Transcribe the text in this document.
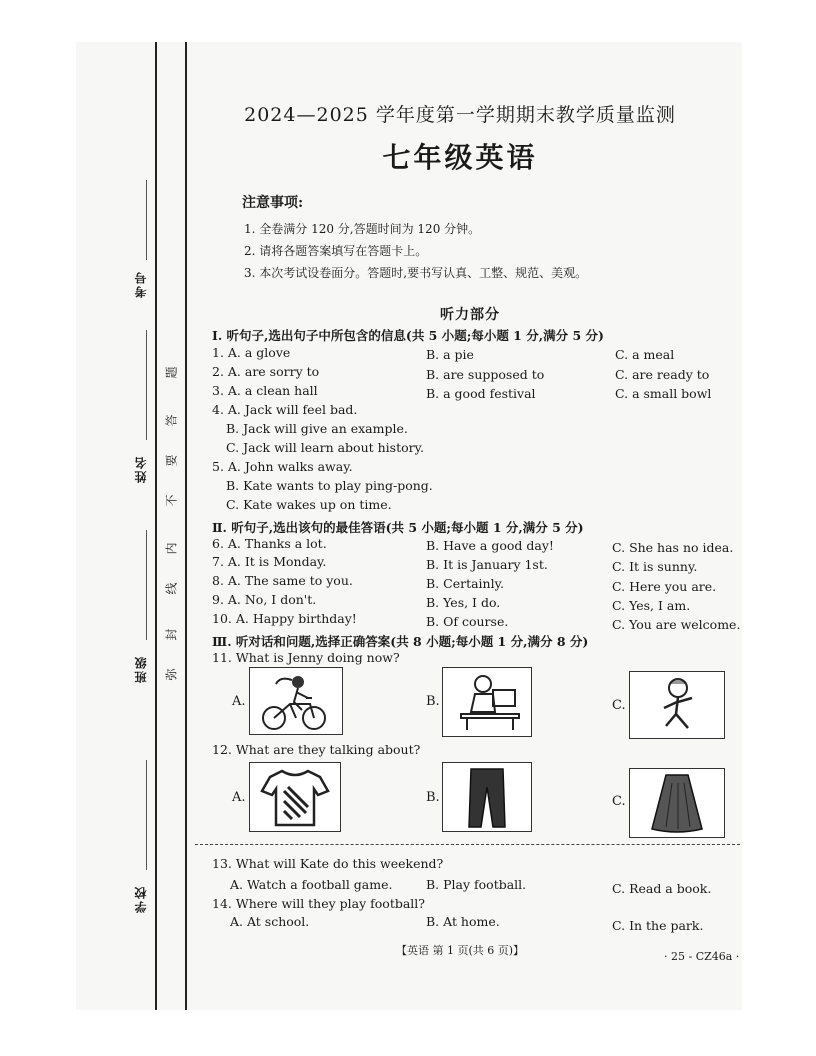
考号
姓名
班级
学校
题
答
要
不
内
线
封
弥
2024—2025 学年度第一学期期末教学质量监测
七年级英语
注意事项:
1. 全卷满分 120 分,答题时间为 120 分钟。
2. 请将各题答案填写在答题卡上。
3. 本次考试设卷面分。答题时,要书写认真、工整、规范、美观。
听力部分
Ⅰ. 听句子,选出句子中所包含的信息(共 5 小题;每小题 1 分,满分 5 分)
1. A. a glove	B. a pie	C. a meal
2. A. are sorry to	B. are supposed to	C. are ready to
3. A. a clean hall	B. a good festival	C. a small bowl
4. A. Jack will feel bad.
B. Jack will give an example.
C. Jack will learn about history.
5. A. John walks away.
B. Kate wants to play ping-pong.
C. Kate wakes up on time.
Ⅱ. 听句子,选出该句的最佳答语(共 5 小题;每小题 1 分,满分 5 分)
6. A. Thanks a lot.	B. Have a good day!	C. She has no idea.
7. A. It is Monday.	B. It is January 1st.	C. It is sunny.
8. A. The same to you.	B. Certainly.	C. Here you are.
9. A. No, I don't.	B. Yes, I do.	C. Yes, I am.
10. A. Happy birthday!	B. Of course.	C. You are welcome.
Ⅲ. 听对话和问题,选择正确答案(共 8 小题;每小题 1 分,满分 8 分)
11. What is Jenny doing now?
A.	B.	C.
12. What are they talking about?
A.	B.	C.
13. What will Kate do this weekend?
A. Watch a football game.	B. Play football.	C. Read a book.
14. Where will they play football?
A. At school.	B. At home.	C. In the park.
【英语 第 1 页(共 6 页)】	· 25 - CZ46a ·
